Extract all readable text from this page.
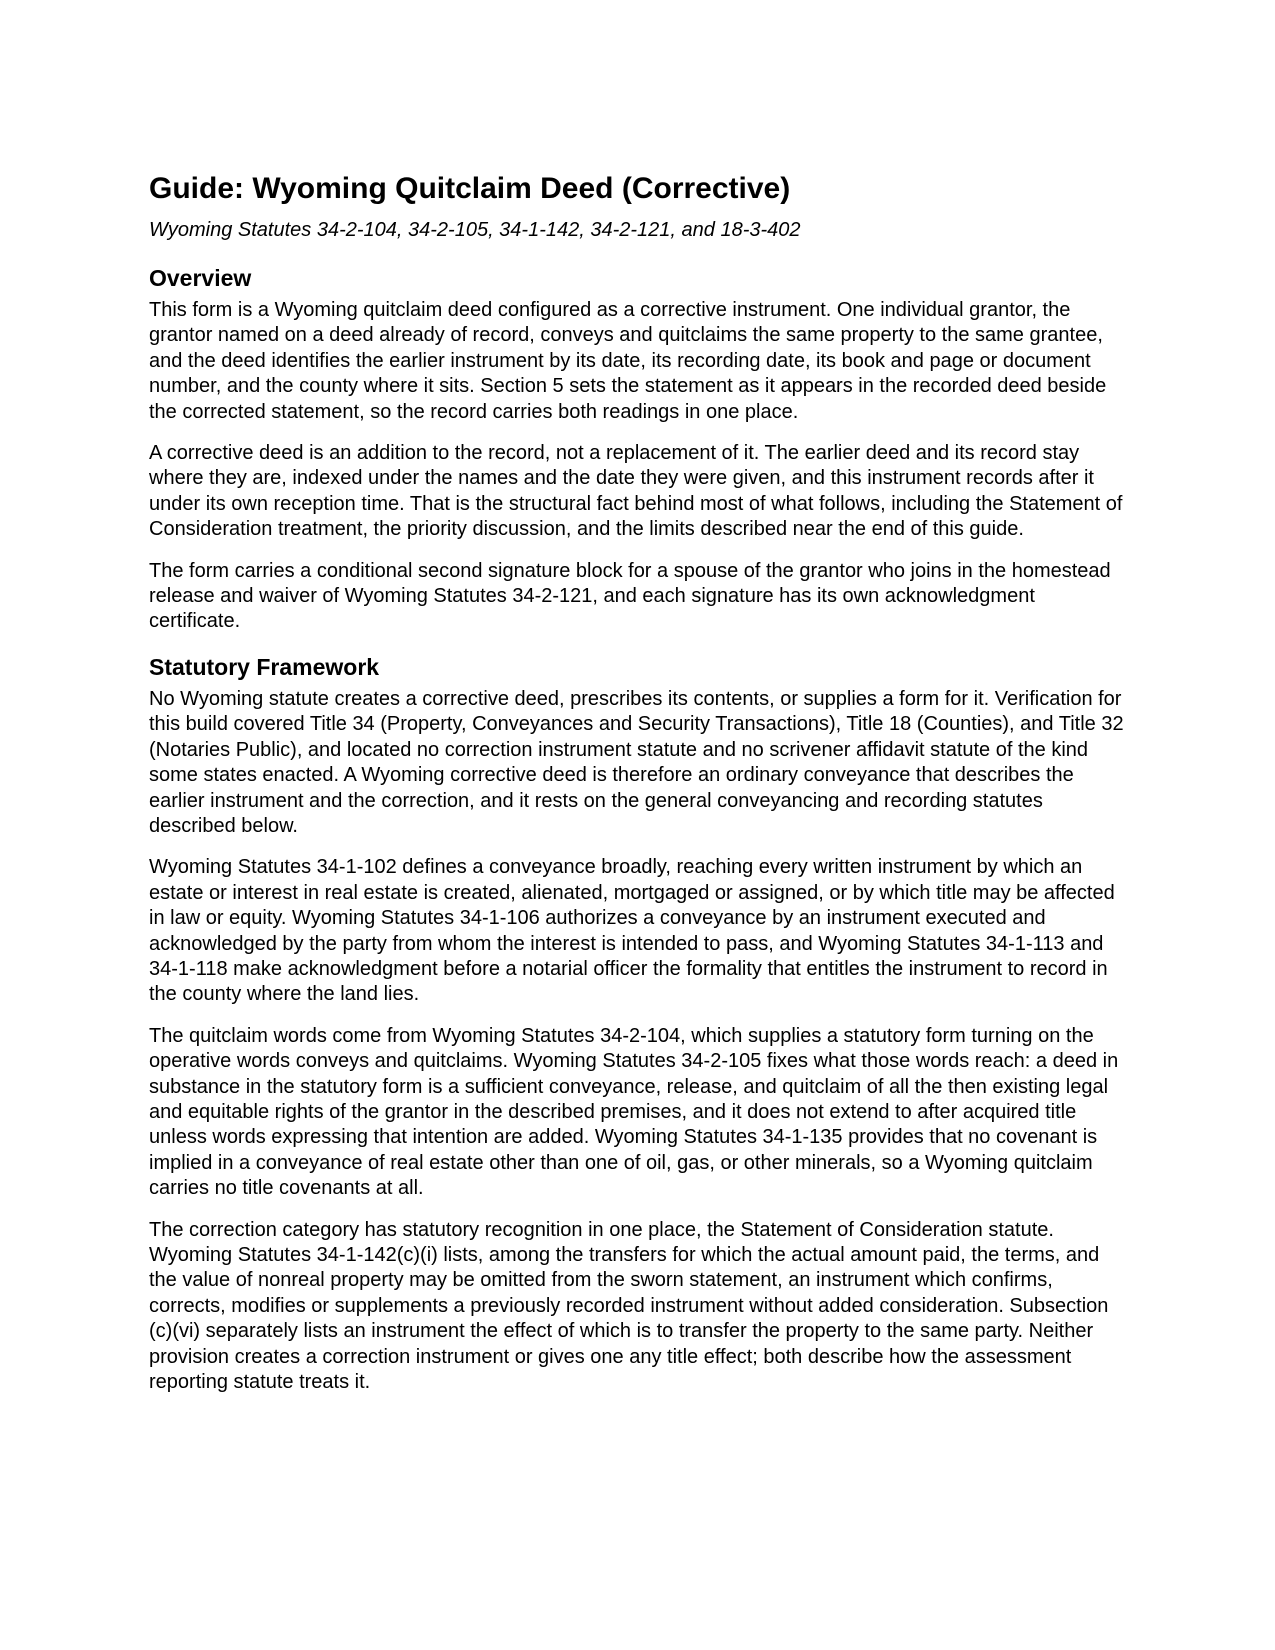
Guide: Wyoming Quitclaim Deed (Corrective)

Wyoming Statutes 34-2-104, 34-2-105, 34-1-142, 34-2-121, and 18-3-402

Overview

This form is a Wyoming quitclaim deed configured as a corrective instrument. One individual grantor, the grantor named on a deed already of record, conveys and quitclaims the same property to the same grantee, and the deed identifies the earlier instrument by its date, its recording date, its book and page or document number, and the county where it sits. Section 5 sets the statement as it appears in the recorded deed beside the corrected statement, so the record carries both readings in one place.

A corrective deed is an addition to the record, not a replacement of it. The earlier deed and its record stay where they are, indexed under the names and the date they were given, and this instrument records after it under its own reception time. That is the structural fact behind most of what follows, including the Statement of Consideration treatment, the priority discussion, and the limits described near the end of this guide.

The form carries a conditional second signature block for a spouse of the grantor who joins in the homestead release and waiver of Wyoming Statutes 34-2-121, and each signature has its own acknowledgment certificate.

Statutory Framework

No Wyoming statute creates a corrective deed, prescribes its contents, or supplies a form for it. Verification for this build covered Title 34 (Property, Conveyances and Security Transactions), Title 18 (Counties), and Title 32 (Notaries Public), and located no correction instrument statute and no scrivener affidavit statute of the kind some states enacted. A Wyoming corrective deed is therefore an ordinary conveyance that describes the earlier instrument and the correction, and it rests on the general conveyancing and recording statutes described below.

Wyoming Statutes 34-1-102 defines a conveyance broadly, reaching every written instrument by which an estate or interest in real estate is created, alienated, mortgaged or assigned, or by which title may be affected in law or equity. Wyoming Statutes 34-1-106 authorizes a conveyance by an instrument executed and acknowledged by the party from whom the interest is intended to pass, and Wyoming Statutes 34-1-113 and 34-1-118 make acknowledgment before a notarial officer the formality that entitles the instrument to record in the county where the land lies.

The quitclaim words come from Wyoming Statutes 34-2-104, which supplies a statutory form turning on the operative words conveys and quitclaims. Wyoming Statutes 34-2-105 fixes what those words reach: a deed in substance in the statutory form is a sufficient conveyance, release, and quitclaim of all the then existing legal and equitable rights of the grantor in the described premises, and it does not extend to after acquired title unless words expressing that intention are added. Wyoming Statutes 34-1-135 provides that no covenant is implied in a conveyance of real estate other than one of oil, gas, or other minerals, so a Wyoming quitclaim carries no title covenants at all.

The correction category has statutory recognition in one place, the Statement of Consideration statute. Wyoming Statutes 34-1-142(c)(i) lists, among the transfers for which the actual amount paid, the terms, and the value of nonreal property may be omitted from the sworn statement, an instrument which confirms, corrects, modifies or supplements a previously recorded instrument without added consideration. Subsection (c)(vi) separately lists an instrument the effect of which is to transfer the property to the same party. Neither provision creates a correction instrument or gives one any title effect; both describe how the assessment reporting statute treats it.
